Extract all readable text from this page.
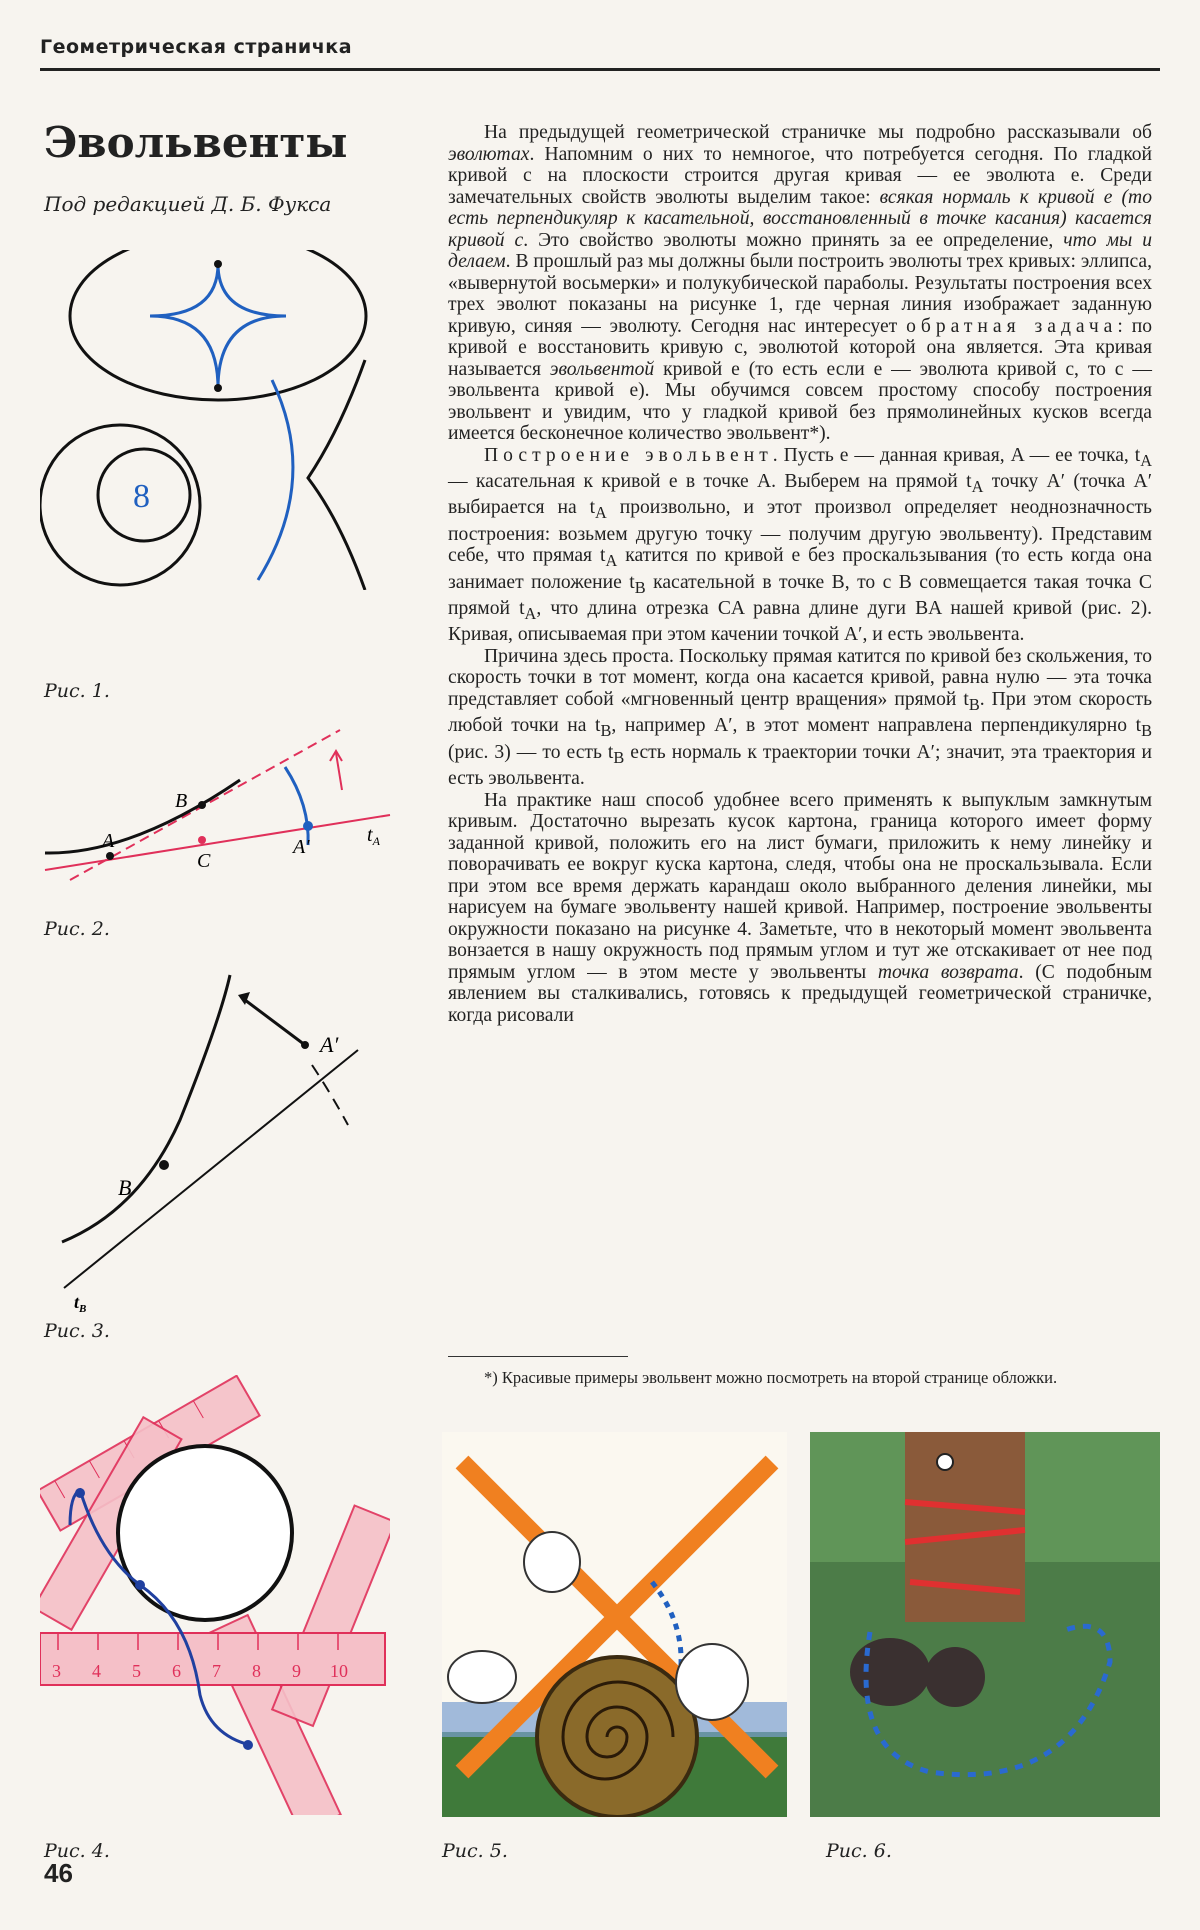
Геометрическая страничка
Эвольвенты
Под редакцией Д. Б. Фукса
8
Рис. 1.
A
B
C
A′
$t_A$
Рис. 2.
B
A′
$t_B$
Рис. 3.
3 4 5 6 7 8 9 10
Рис. 4.	Рис. 5.	Рис. 6.

На предыдущей геометрической страничке мы подробно рассказывали об эволютах. Напомним о них то немногое, что потребуется сегодня. По гладкой кривой с на плоскости строится другая кривая — ее эволюта е. Среди замечательных свойств эволюты выделим такое: всякая нормаль к кривой е (то есть перпендикуляр к касательной, восстановленный в точке касания) касается кривой с. Это свойство эволюты можно принять за ее определение, что мы и делаем. В прошлый раз мы должны были построить эволюты трех кривых: эллипса, «вывернутой восьмерки» и полукубической параболы. Результаты построения всех трех эволют показаны на рисунке 1, где черная линия изображает заданную кривую, синяя — эволюту. Сегодня нас интересует обратная задача: по кривой е восстановить кривую с, эволютой которой она является. Эта кривая называется эвольвентой кривой е (то есть если е — эволюта кривой с, то с — эвольвента кривой е). Мы обучимся совсем простому способу построения эвольвент и увидим, что у гладкой кривой без прямолинейных кусков всегда имеется бесконечное количество эвольвент*).

Построение эвольвент. Пусть е — данная кривая, A — ее точка, $t_A$ — касательная к кривой е в точке A. Выберем на прямой $t_A$ точку A′ (точка A′ выбирается на $t_A$ произвольно, и этот произвол определяет неоднозначность построения: возьмем другую точку — получим другую эвольвенту). Представим себе, что прямая $t_A$ катится по кривой е без проскальзывания (то есть когда она занимает положение $t_B$ касательной в точке B, то с B совмещается такая точка C прямой $t_A$, что длина отрезка CA равна длине дуги BA нашей кривой (рис. 2). Кривая, описываемая при этом качении точкой A′, и есть эвольвента.

Причина здесь проста. Поскольку прямая катится по кривой без скольжения, то скорость точки в тот момент, когда она касается кривой, равна нулю — эта точка представляет собой «мгновенный центр вращения» прямой $t_B$. При этом скорость любой точки на $t_B$, например A′, в этот момент направлена перпендикулярно $t_B$ (рис. 3) — то есть $t_B$ есть нормаль к траектории точки A′; значит, эта траектория и есть эвольвента.

На практике наш способ удобнее всего применять к выпуклым замкнутым кривым. Достаточно вырезать кусок картона, граница которого имеет форму заданной кривой, положить его на лист бумаги, приложить к нему линейку и поворачивать ее вокруг куска картона, следя, чтобы она не проскальзывала. Если при этом все время держать карандаш около выбранного деления линейки, мы нарисуем на бумаге эвольвенту нашей кривой. Например, построение эвольвенты окружности показано на рисунке 4. Заметьте, что в некоторый момент эвольвента вонзается в нашу окружность под прямым углом и тут же отскакивает от нее под прямым углом — в этом месте у эвольвенты точка возврата. (С подобным явлением вы сталкивались, готовясь к предыдущей геометрической страничке, когда рисовали

*) Красивые примеры эвольвент можно посмотреть на второй странице обложки.
46
